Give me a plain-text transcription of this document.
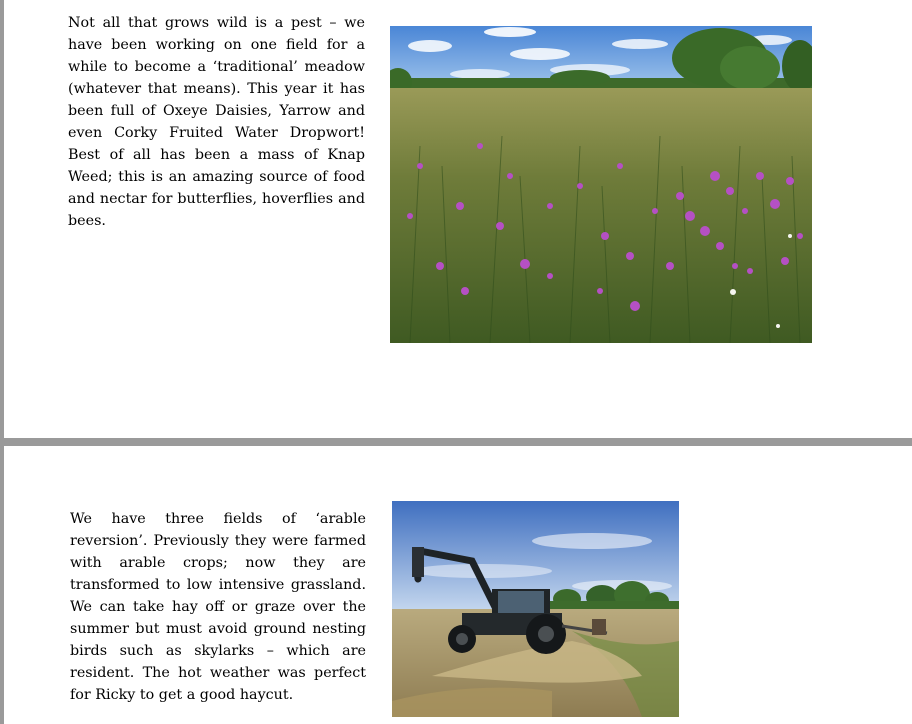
Not all that grows wild is a pest – we have been working on one field for a while to become a ‘traditional’ meadow (whatever that means). This year it has been full of Oxeye Daisies, Yarrow and even Corky Fruited Water Dropwort! Best of all has been a mass of Knap Weed; this is an amazing source of food and nectar for butterflies, hoverflies and bees.

We have three fields of ‘arable reversion’. Previously they were farmed with arable crops; now they are transformed to low intensive grassland. We can take hay off or graze over the summer but must avoid ground nesting birds such as skylarks – which are resident. The hot weather was perfect for Ricky to get a good haycut.
